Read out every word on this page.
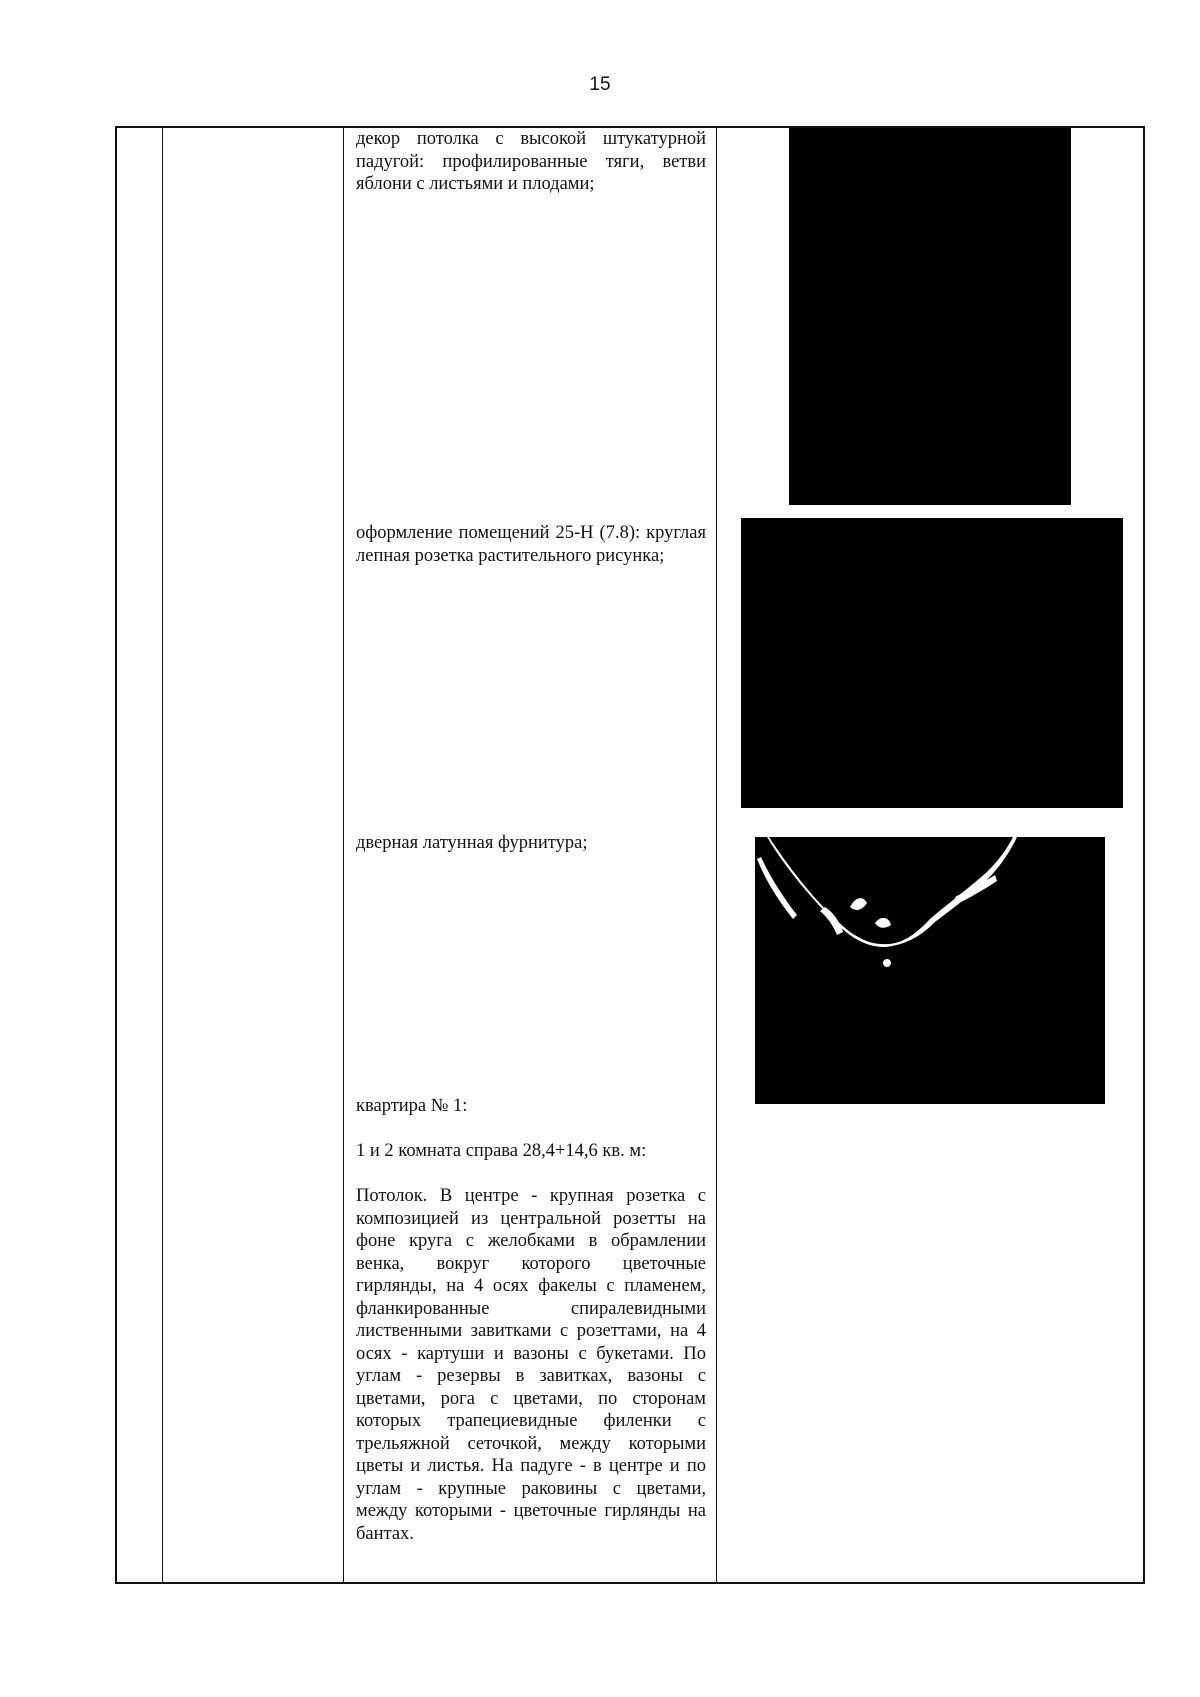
15

декор потолка с высокой штукатурной падугой: профилированные тяги, ветви яблони с листьями и плодами;

оформление помещений 25-Н (7.8): круглая лепная розетка растительного рисунка;

дверная латунная фурнитура;

квартира № 1:

1 и 2 комната справа 28,4+14,6 кв. м:

Потолок. В центре - крупная розетка с композицией из центральной розетты на фоне круга с желобками в обрамлении венка, вокруг которого цветочные гирлянды, на 4 осях факелы с пламенем, фланкированные спиралевидными лиственными завитками с розеттами, на 4 осях - картуши и вазоны с букетами. По углам - резервы в завитках, вазоны с цветами, рога с цветами, по сторонам которых трапециевидные филенки с трельяжной сеточкой, между которыми цветы и листья. На падуге - в центре и по углам - крупные раковины с цветами, между которыми - цветочные гирлянды на бантах.
